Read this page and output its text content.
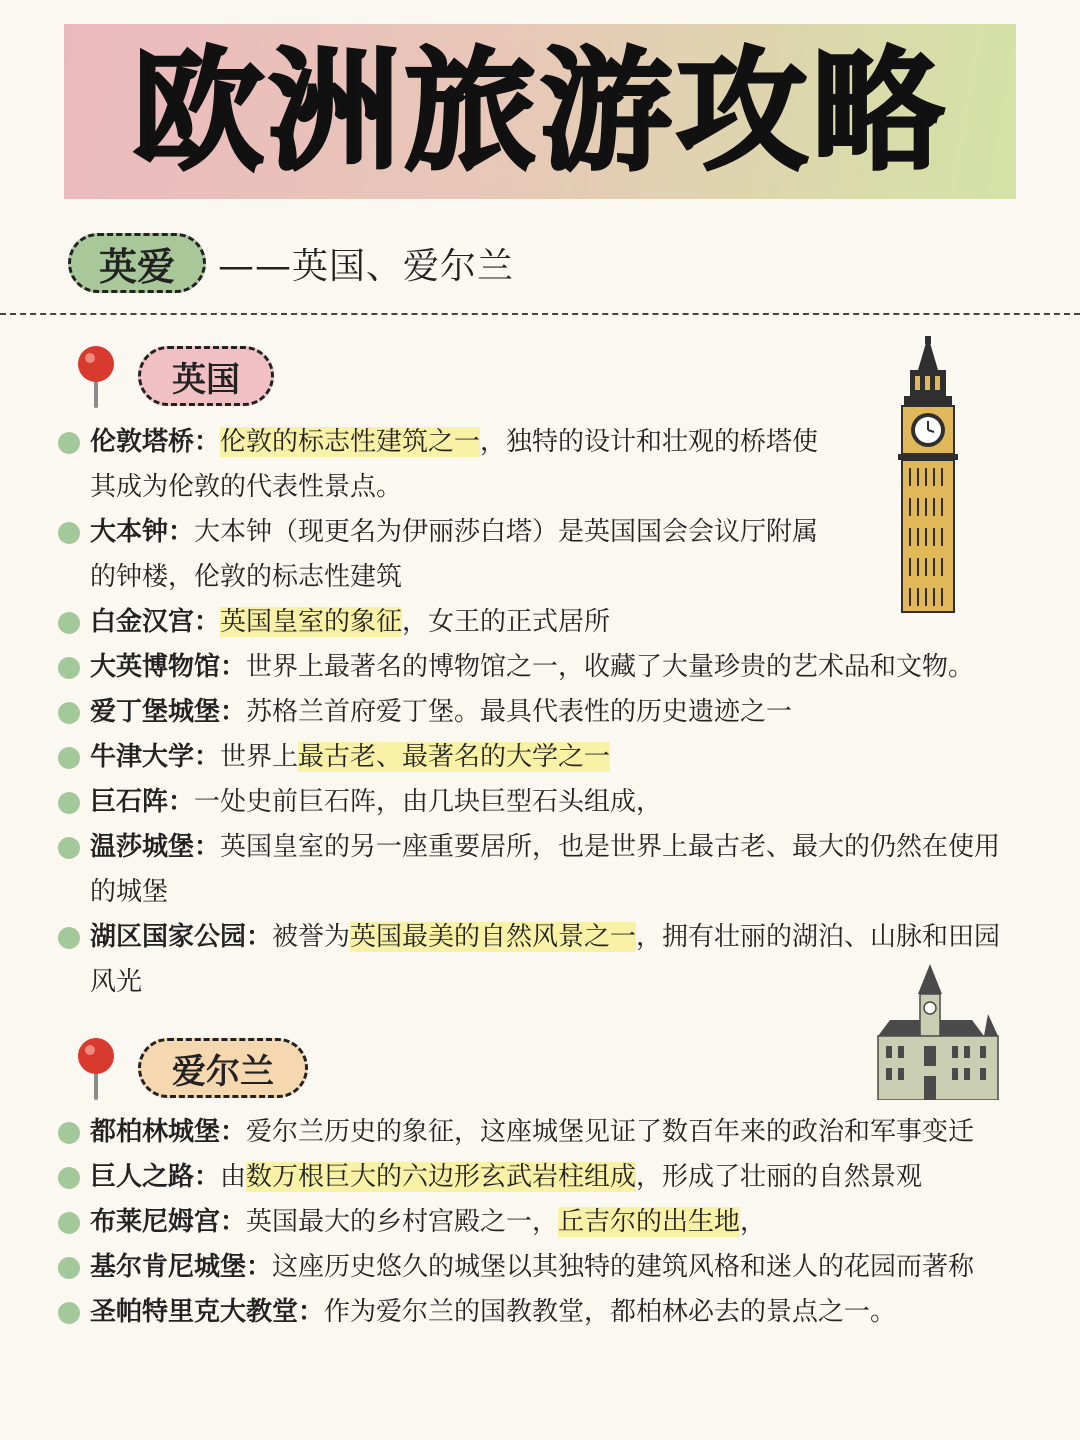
欧洲旅游攻略
英爱	——英国、爱尔兰
英国
伦敦塔桥：伦敦的标志性建筑之一，独特的设计和壮观的桥塔使其成为伦敦的代表性景点。
大本钟：大本钟（现更名为伊丽莎白塔）是英国国会会议厅附属的钟楼，伦敦的标志性建筑
白金汉宫：英国皇室的象征，女王的正式居所
大英博物馆：世界上最著名的博物馆之一，收藏了大量珍贵的艺术品和文物。
爱丁堡城堡：苏格兰首府爱丁堡。最具代表性的历史遗迹之一
牛津大学：世界上最古老、最著名的大学之一
巨石阵：一处史前巨石阵，由几块巨型石头组成，
温莎城堡：英国皇室的另一座重要居所，也是世界上最古老、最大的仍然在使用的城堡
湖区国家公园：被誉为英国最美的自然风景之一，拥有壮丽的湖泊、山脉和田园风光
爱尔兰
都柏林城堡：爱尔兰历史的象征，这座城堡见证了数百年来的政治和军事变迁
巨人之路：由数万根巨大的六边形玄武岩柱组成，形成了壮丽的自然景观
布莱尼姆宫：英国最大的乡村宫殿之一，丘吉尔的出生地，
基尔肯尼城堡：这座历史悠久的城堡以其独特的建筑风格和迷人的花园而著称
圣帕特里克大教堂：作为爱尔兰的国教教堂，都柏林必去的景点之一。
